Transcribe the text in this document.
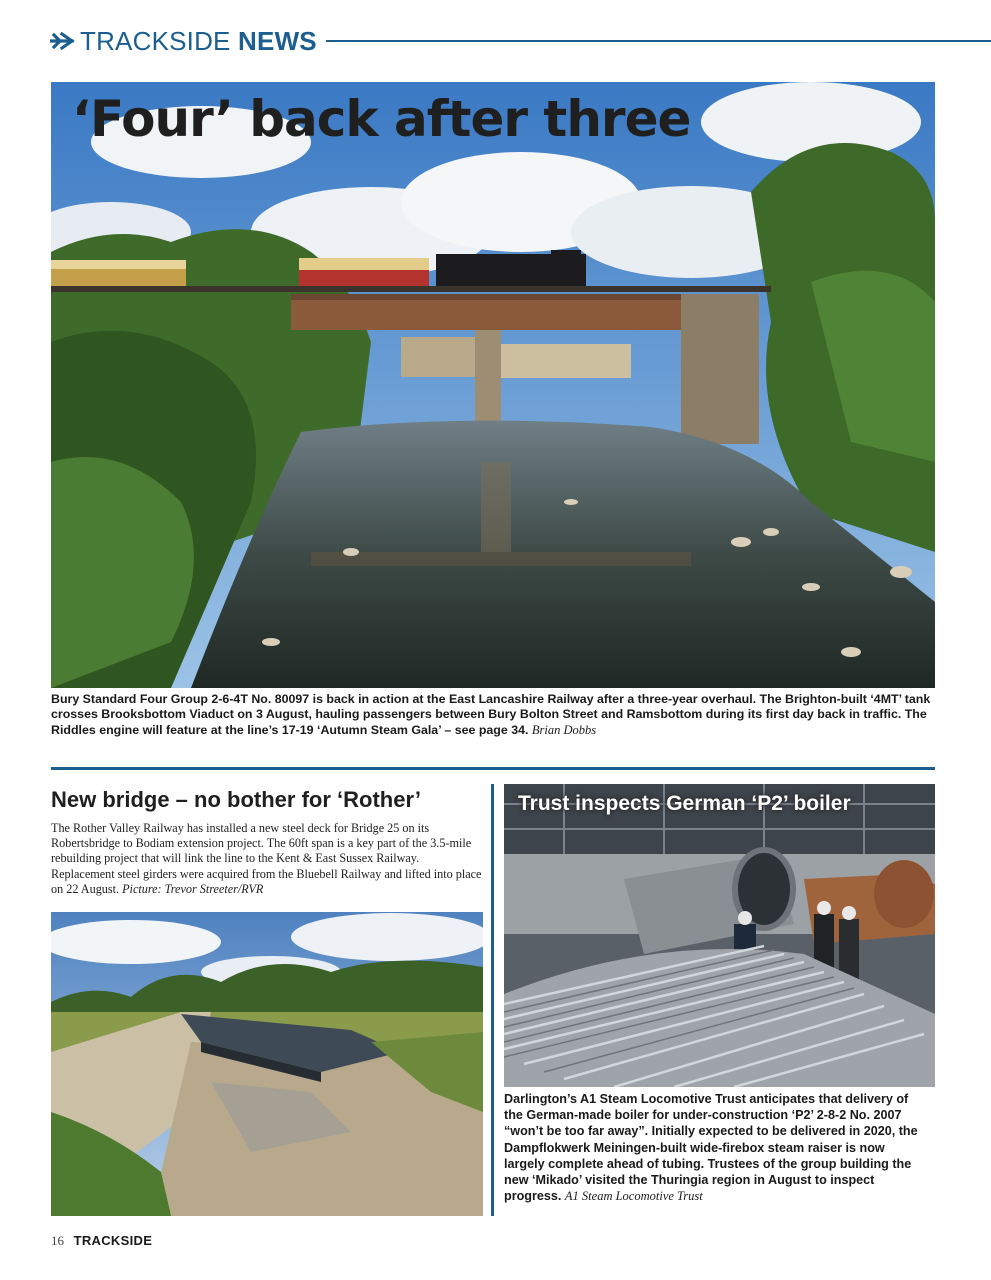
TRACKSIDE NEWS
‘Four’ back after three
Bury Standard Four Group 2-6-4T No. 80097 is back in action at the East Lancashire Railway after a three-year overhaul. The Brighton-built ‘4MT’ tank crosses Brooksbottom Viaduct on 3 August, hauling passengers between Bury Bolton Street and Ramsbottom during its first day back in traffic. The Riddles engine will feature at the line’s 17-19 ‘Autumn Steam Gala’ – see page 34. Brian Dobbs
New bridge – no bother for ‘Rother’
The Rother Valley Railway has installed a new steel deck for Bridge 25 on its Robertsbridge to Bodiam extension project. The 60ft span is a key part of the 3.5-mile rebuilding project that will link the line to the Kent & East Sussex Railway. Replacement steel girders were acquired from the Bluebell Railway and lifted into place on 22 August. Picture: Trevor Streeter/RVR
Trust inspects German ‘P2’ boiler
Darlington’s A1 Steam Locomotive Trust anticipates that delivery of the German-made boiler for under-construction ‘P2’ 2-8-2 No. 2007 “won’t be too far away”. Initially expected to be delivered in 2020, the Dampflokwerk Meiningen-built wide-firebox steam raiser is now largely complete ahead of tubing. Trustees of the group building the new ‘Mikado’ visited the Thuringia region in August to inspect progress. A1 Steam Locomotive Trust
16 TRACKSIDE
